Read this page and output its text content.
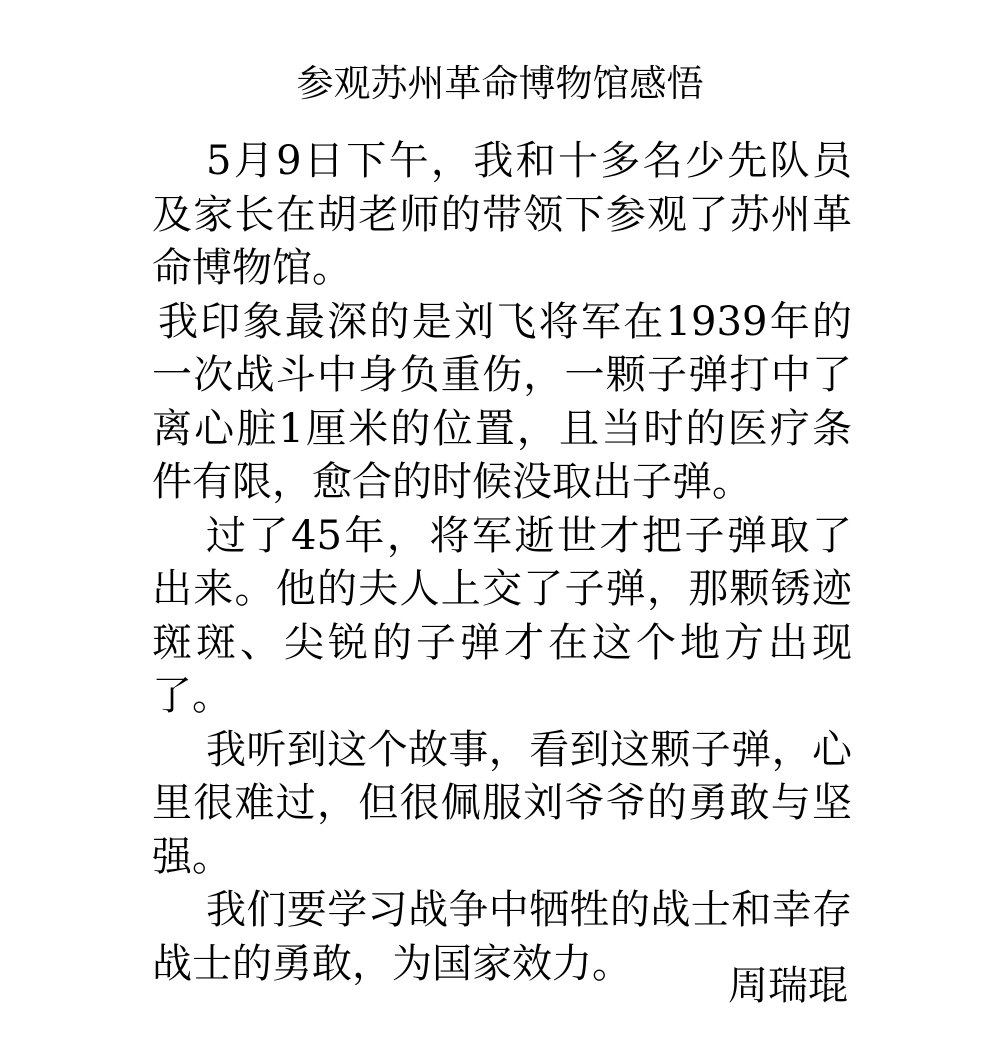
参观苏州革命博物馆感悟

5月9日下午，我和十多名少先队员及家长在胡老师的带领下参观了苏州革命博物馆。

我印象最深的是刘飞将军在1939年的一次战斗中身负重伤，一颗子弹打中了离心脏1厘米的位置，且当时的医疗条件有限，愈合的时候没取出子弹。

过了45年，将军逝世才把子弹取了出来。他的夫人上交了子弹，那颗锈迹斑斑、尖锐的子弹才在这个地方出现了。

我听到这个故事，看到这颗子弹，心里很难过，但很佩服刘爷爷的勇敢与坚强。

我们要学习战争中牺牲的战士和幸存战士的勇敢，为国家效力。	周瑞琨
